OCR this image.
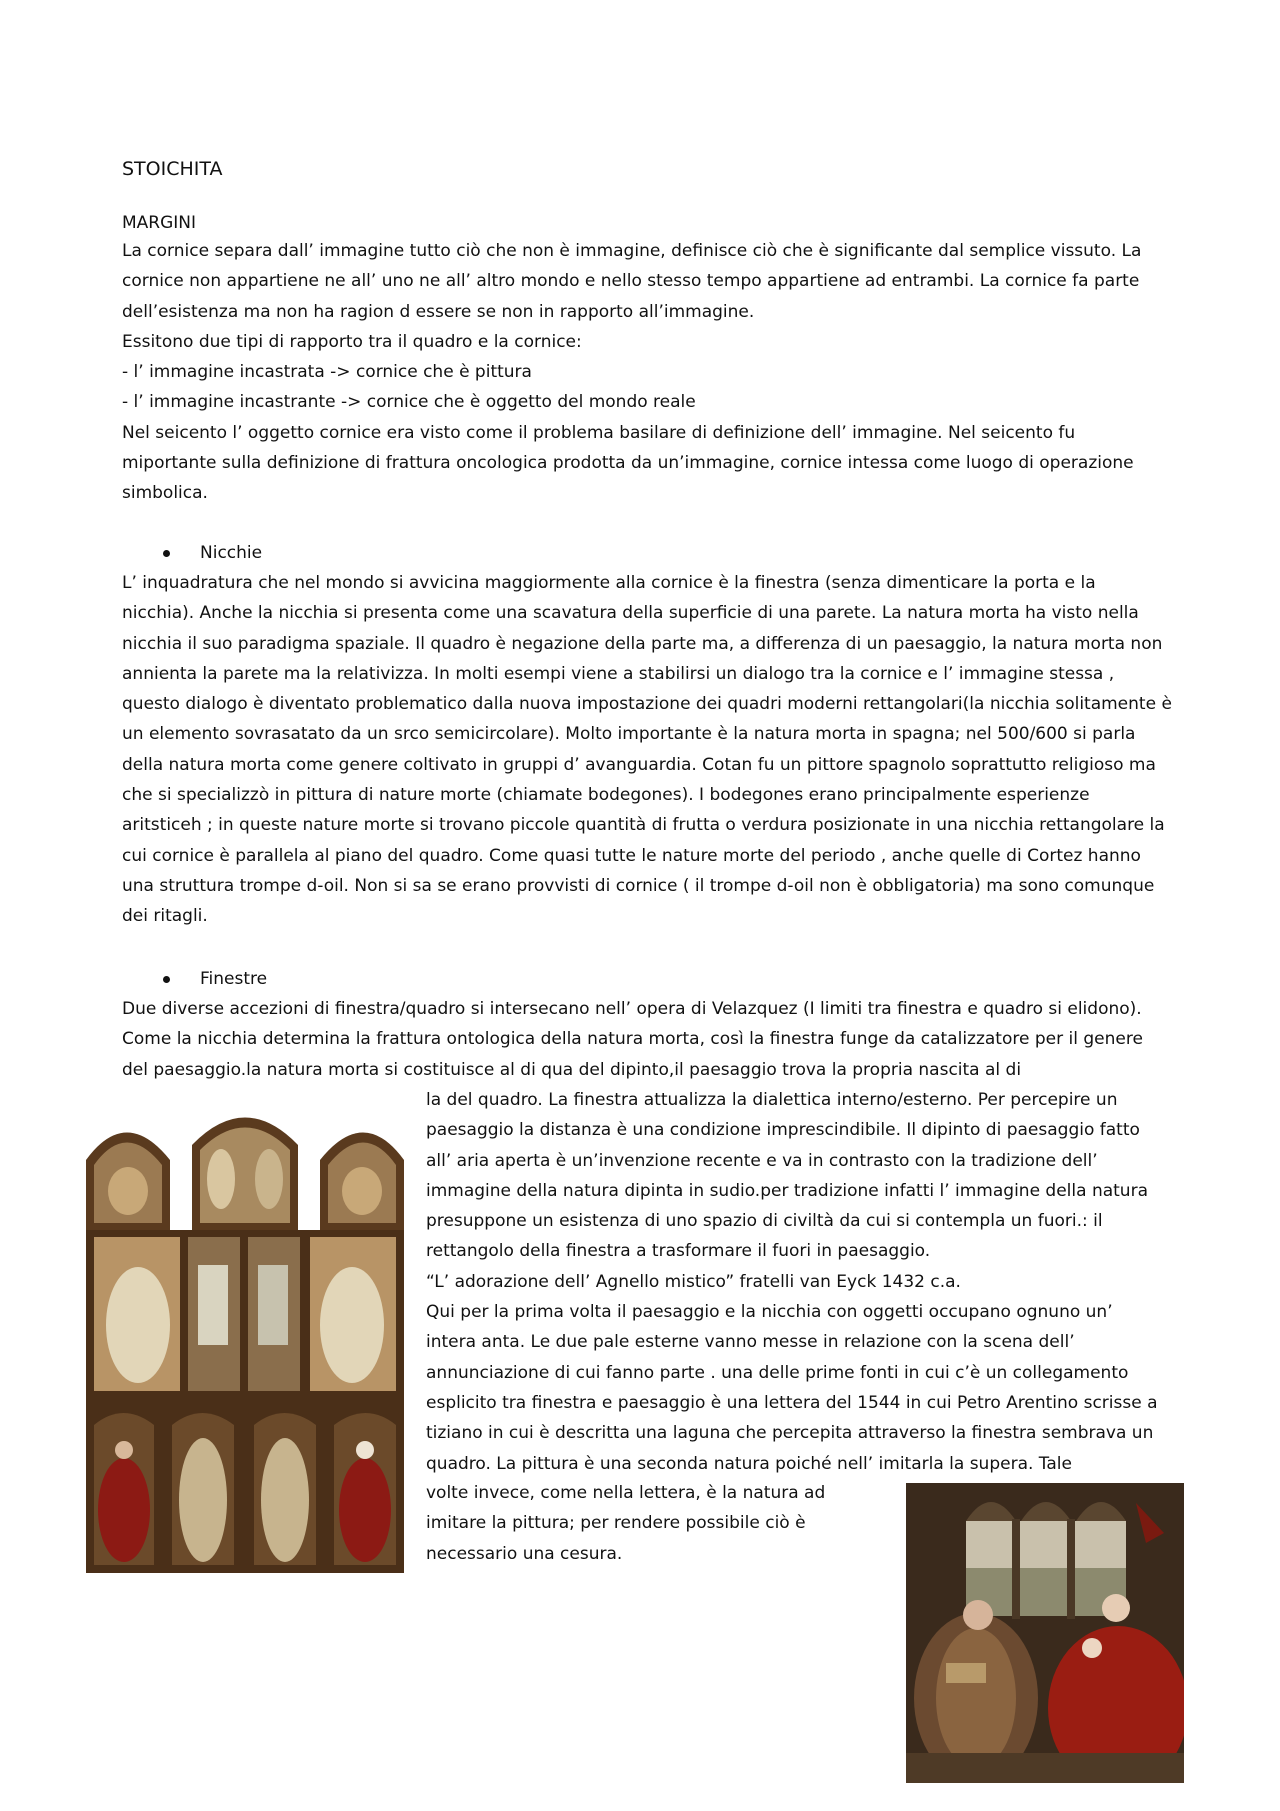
STOICHITA
MARGINI

La cornice separa dall’ immagine tutto ciò che non è immagine, definisce ciò che è significante dal semplice vissuto. La cornice non appartiene ne all’ uno ne all’ altro mondo e nello stesso tempo appartiene ad entrambi. La cornice fa parte dell’esistenza ma non ha ragion d essere se non in rapporto all’immagine.

Essitono due tipi di rapporto tra il quadro e la cornice:

- l’ immagine incastrata -> cornice che è pittura

- l’ immagine incastrante -> cornice che è oggetto del mondo reale

Nel seicento l’ oggetto cornice era visto come il problema basilare di definizione dell’ immagine. Nel seicento fu miportante sulla definizione di frattura oncologica prodotta da un’immagine, cornice intessa come luogo di operazione simbolica.

Nicchie

L’ inquadratura che nel mondo si avvicina maggiormente alla cornice è la finestra (senza dimenticare la porta e la nicchia). Anche la nicchia si presenta come una scavatura della superficie di una parete. La natura morta ha visto nella nicchia il suo paradigma spaziale. Il quadro è negazione della parte ma, a differenza di un paesaggio, la natura morta non annienta la parete ma la relativizza. In molti esempi viene a stabilirsi un dialogo tra la cornice e l’ immagine stessa , questo dialogo è diventato problematico dalla nuova impostazione dei quadri moderni rettangolari(la nicchia solitamente è un elemento sovrasatato da un srco semicircolare). Molto importante è la natura morta in spagna; nel 500/600 si parla della natura morta come genere coltivato in gruppi d’ avanguardia. Cotan fu un pittore spagnolo soprattutto religioso ma che si specializzò in pittura di nature morte (chiamate bodegones). I bodegones erano principalmente esperienze aritsticeh ; in queste nature morte si trovano piccole quantità di frutta o verdura posizionate in una nicchia rettangolare la cui cornice è parallela al piano del quadro. Come quasi tutte le nature morte del periodo , anche quelle di Cortez hanno una struttura trompe d-oil. Non si sa se erano provvisti di cornice ( il trompe d-oil non è obbligatoria) ma sono comunque dei ritagli.

Finestre

Due diverse accezioni di finestra/quadro si intersecano nell’ opera di Velazquez (I limiti tra finestra e quadro si elidono). Come la nicchia determina la frattura ontologica della natura morta, così la finestra funge da catalizzatore per il genere del paesaggio.la natura morta si costituisce al di qua del dipinto,il paesaggio trova la propria nascita al di

la del quadro. La finestra attualizza la dialettica interno/esterno. Per percepire un paesaggio la distanza è una condizione imprescindibile. Il dipinto di paesaggio fatto all’ aria aperta è un’invenzione recente e va in contrasto con la tradizione dell’ immagine della natura dipinta in sudio.per tradizione infatti l’ immagine della natura presuppone un esistenza di uno spazio di civiltà da cui si contempla un fuori.: il rettangolo della finestra a trasformare il fuori in paesaggio.

“L’ adorazione dell’ Agnello mistico” fratelli van Eyck 1432 c.a.

Qui per la prima volta il paesaggio e la nicchia con oggetti occupano ognuno un’ intera anta. Le due pale esterne vanno messe in relazione con la scena dell’ annunciazione di cui fanno parte . una delle prime fonti in cui c’è un collegamento esplicito tra finestra e paesaggio è una lettera del 1544 in cui Petro Arentino scrisse a tiziano in cui è descritta una laguna che percepita attraverso la finestra sembrava un quadro. La pittura è una seconda natura poiché nell’ imitarla la supera. Tale

volte invece, come nella lettera, è la natura ad imitare la pittura; per rendere possibile ciò è necessario una cesura.
